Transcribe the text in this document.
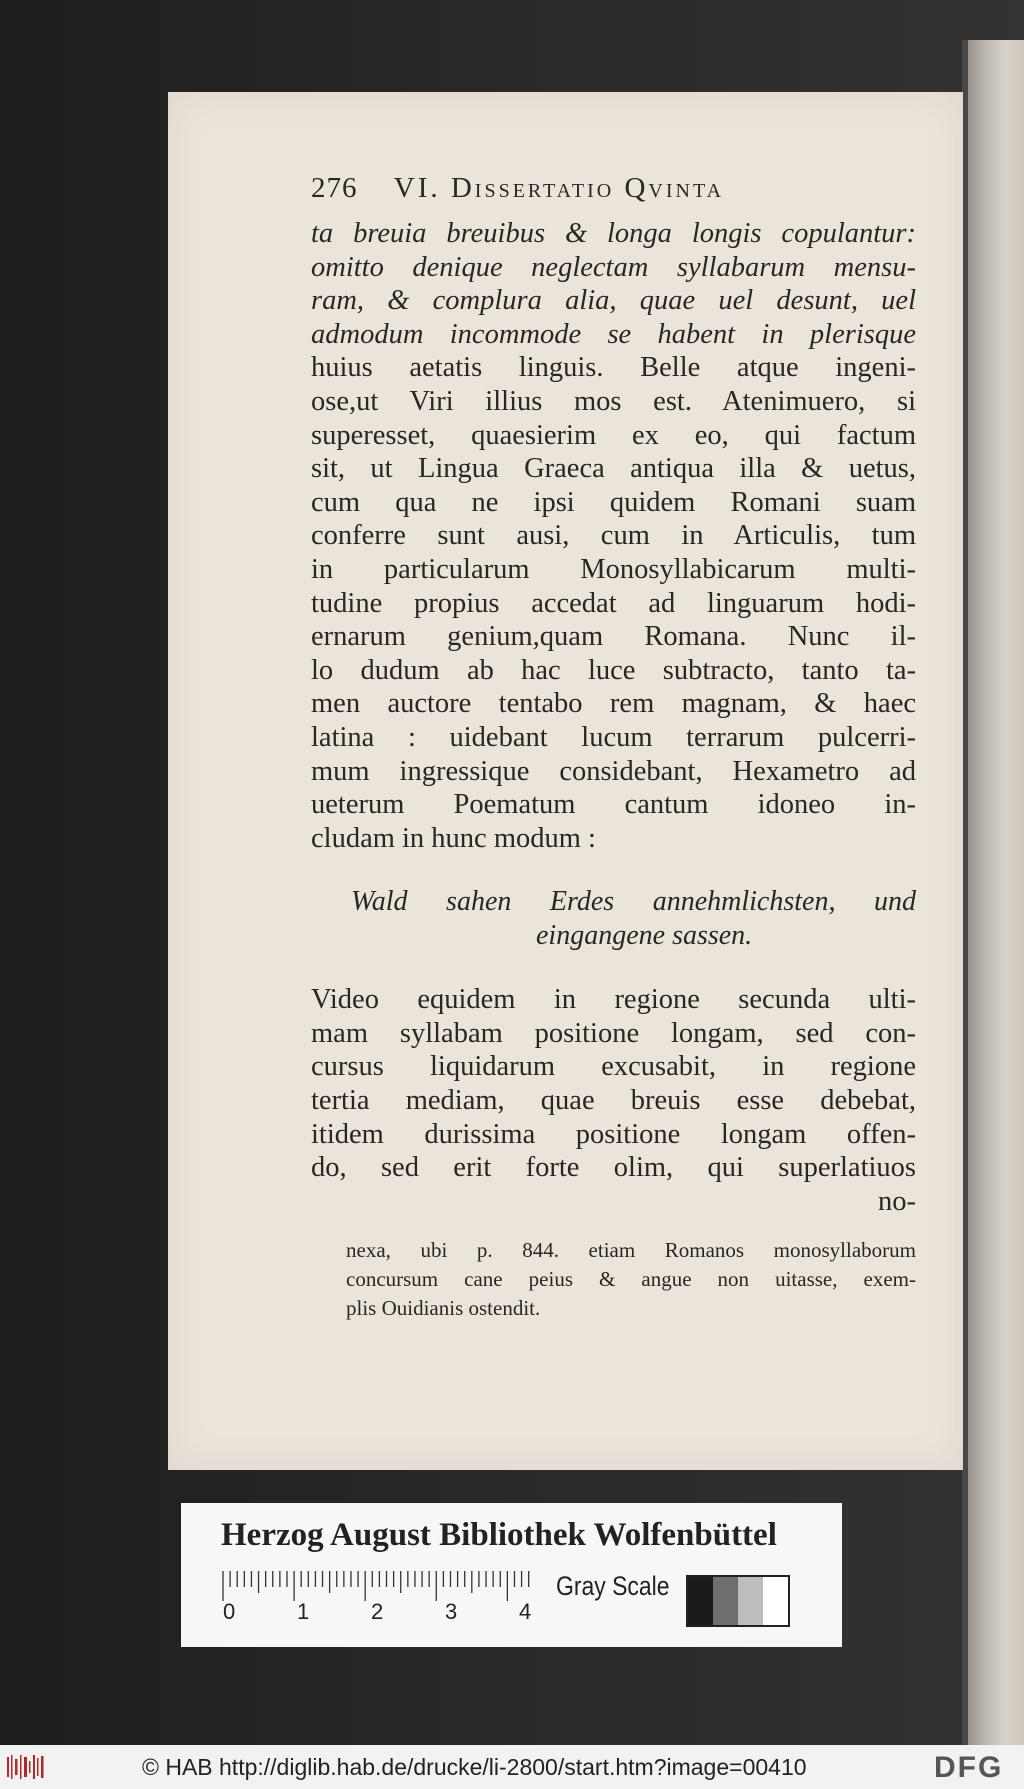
276 VI. Dissertatio Qvinta
ta breuia breuibus & longa longis copulantur:
omitto denique neglectam syllabarum mensu-
ram, & complura alia, quae uel desunt, uel
admodum incommode se habent in plerisque
huius aetatis linguis. Belle atque ingeni-
ose,ut Viri illius mos est. Atenimuero, si
superesset, quaesierim ex eo, qui factum
sit, ut Lingua Graeca antiqua illa & uetus,
cum qua ne ipsi quidem Romani suam
conferre sunt ausi, cum in Articulis, tum
in particularum Monosyllabicarum multi-
tudine propius accedat ad linguarum hodi-
ernarum genium,quam Romana. Nunc il-
lo dudum ab hac luce subtracto, tanto ta-
men auctore tentabo rem magnam, & haec
latina : uidebant lucum terrarum pulcerri-
mum ingressique considebant, Hexametro ad
ueterum Poematum cantum idoneo in-
cludam in hunc modum :
Wald sahen Erdes annehmlichsten, und
eingangene sassen.
Video equidem in regione secunda ulti-
mam syllabam positione longam, sed con-
cursus liquidarum excusabit, in regione
tertia mediam, quae breuis esse debebat,
itidem durissima positione longam offen-
do, sed erit forte olim, qui superlatiuos
no-
nexa, ubi p. 844. etiam Romanos monosyllaborum
concursum cane peius & angue non uitasse, exem-
plis Ouidianis ostendit.
Herzog August Bibliothek Wolfenbüttel
0	1	2	3	4
Gray Scale
© HAB http://diglib.hab.de/drucke/li-2800/start.htm?image=00410	DFG
